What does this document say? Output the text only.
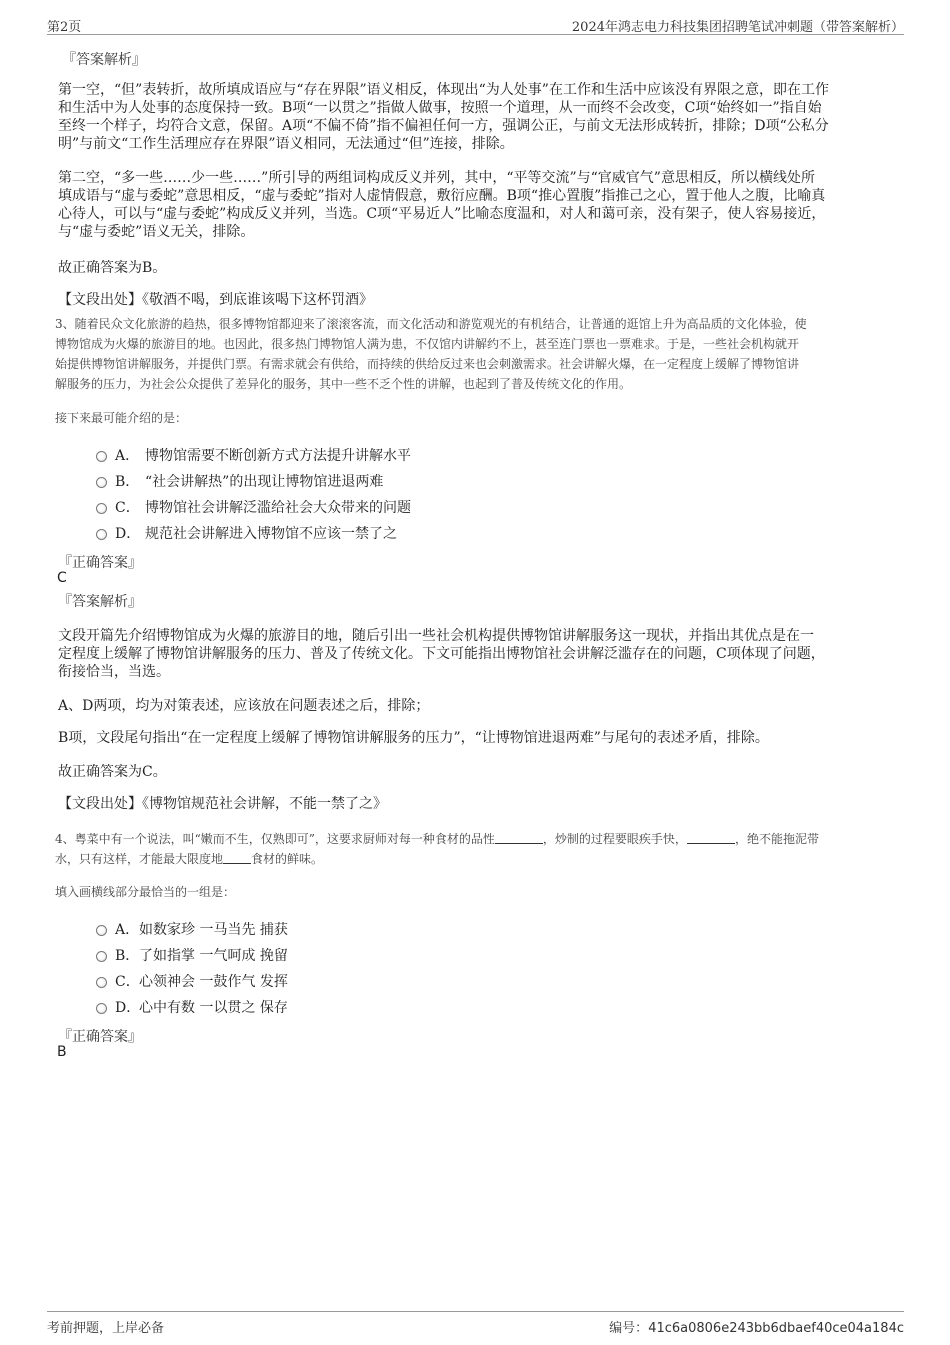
第2页	2024年鸿志电力科技集团招聘笔试冲刺题（带答案解析）
『答案解析』
第一空，“但”表转折，故所填成语应与“存在界限”语义相反，体现出“为人处事”在工作和生活中应该没有界限之意，即在工作
和生活中为人处事的态度保持一致。B项“一以贯之”指做人做事，按照一个道理，从一而终不会改变，C项“始终如一”指自始
至终一个样子，均符合文意，保留。A项“不偏不倚”指不偏袒任何一方，强调公正，与前文无法形成转折，排除；D项“公私分
明”与前文“工作生活理应存在界限”语义相同，无法通过“但”连接，排除。
第二空，“多一些……少一些……”所引导的两组词构成反义并列，其中，“平等交流”与“官威官气”意思相反，所以横线处所
填成语与“虚与委蛇”意思相反，“虚与委蛇”指对人虚情假意，敷衍应酬。B项“推心置腹”指推己之心，置于他人之腹，比喻真
心待人，可以与“虚与委蛇”构成反义并列，当选。C项“平易近人”比喻态度温和，对人和蔼可亲，没有架子，使人容易接近，
与“虚与委蛇”语义无关，排除。
故正确答案为B。
【文段出处】《敬酒不喝，到底谁该喝下这杯罚酒》
3、随着民众文化旅游的趋热，很多博物馆都迎来了滚滚客流，而文化活动和游览观光的有机结合，让普通的逛馆上升为高品质的文化体验，使
博物馆成为火爆的旅游目的地。也因此，很多热门博物馆人满为患，不仅馆内讲解约不上，甚至连门票也一票难求。于是，一些社会机构就开
始提供博物馆讲解服务，并提供门票。有需求就会有供给，而持续的供给反过来也会刺激需求。社会讲解火爆，在一定程度上缓解了博物馆讲
解服务的压力，为社会公众提供了差异化的服务，其中一些不乏个性的讲解，也起到了普及传统文化的作用。
接下来最可能介绍的是：
A． 博物馆需要不断创新方式方法提升讲解水平
B． “社会讲解热”的出现让博物馆进退两难
C． 博物馆社会讲解泛滥给社会大众带来的问题
D． 规范社会讲解进入博物馆不应该一禁了之
『正确答案』
C
『答案解析』
文段开篇先介绍博物馆成为火爆的旅游目的地，随后引出一些社会机构提供博物馆讲解服务这一现状，并指出其优点是在一
定程度上缓解了博物馆讲解服务的压力、普及了传统文化。下文可能指出博物馆社会讲解泛滥存在的问题，C项体现了问题，
衔接恰当，当选。
A、D两项，均为对策表述，应该放在问题表述之后，排除；
B项，文段尾句指出“在一定程度上缓解了博物馆讲解服务的压力”，“让博物馆进退两难”与尾句的表述矛盾，排除。
故正确答案为C。
【文段出处】《博物馆规范社会讲解，不能一禁了之》
4、粤菜中有一个说法，叫“嫩而不生，仅熟即可”，这要求厨师对每一种食材的品性	，炒制的过程要眼疾手快，	，绝不能拖泥带
水，只有这样，才能最大限度地 食材的鲜味。
填入画横线部分最恰当的一组是：
A．如数家珍 一马当先 捕获
B．了如指掌 一气呵成 挽留
C．心领神会 一鼓作气 发挥
D．心中有数 一以贯之 保存
『正确答案』
B
考前押题，上岸必备	编号：41c6a0806e243bb6dbaef40ce04a184c
